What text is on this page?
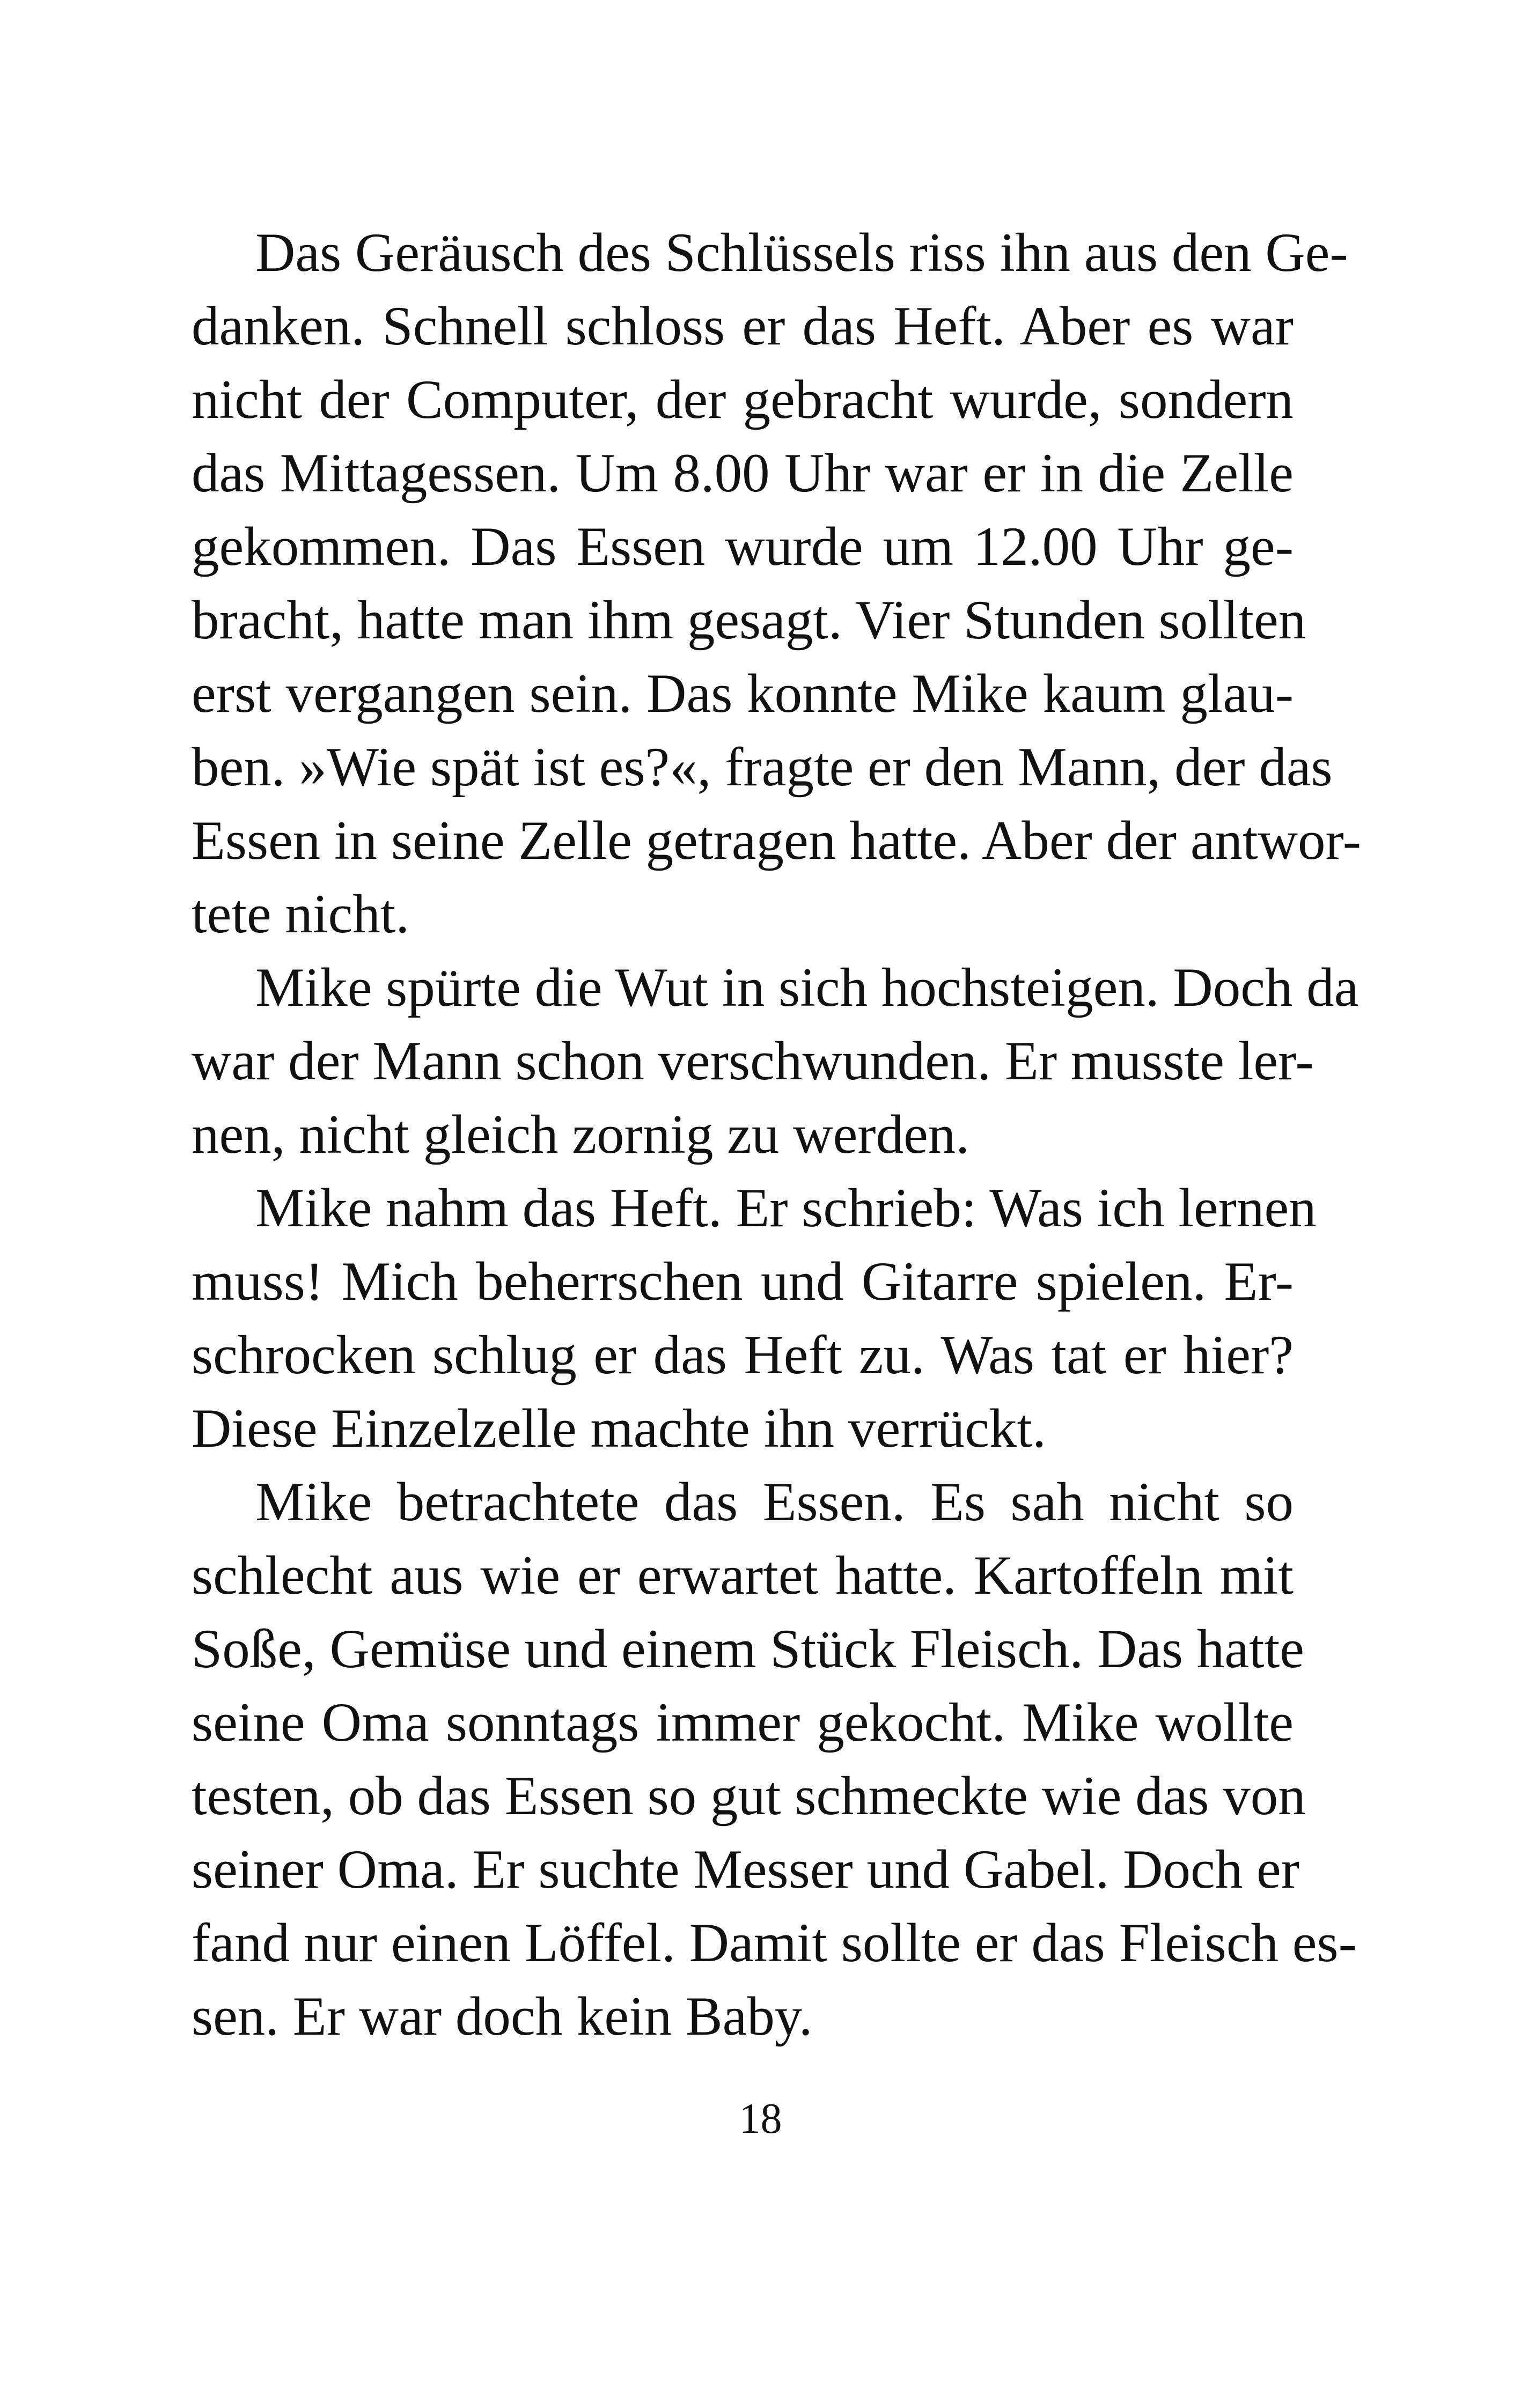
Das Geräusch des Schlüssels riss ihn aus den Ge-
danken. Schnell schloss er das Heft. Aber es war
nicht der Computer, der gebracht wurde, sondern
das Mittagessen. Um 8.00 Uhr war er in die Zelle
gekommen. Das Essen wurde um 12.00 Uhr ge-
bracht, hatte man ihm gesagt. Vier Stunden sollten
erst vergangen sein. Das konnte Mike kaum glau-
ben. »Wie spät ist es?«, fragte er den Mann, der das
Essen in seine Zelle getragen hatte. Aber der antwor-
tete nicht.
Mike spürte die Wut in sich hochsteigen. Doch da
war der Mann schon verschwunden. Er musste ler-
nen, nicht gleich zornig zu werden.
Mike nahm das Heft. Er schrieb: Was ich lernen
muss! Mich beherrschen und Gitarre spielen. Er-
schrocken schlug er das Heft zu. Was tat er hier?
Diese Einzelzelle machte ihn verrückt.
Mike betrachtete das Essen. Es sah nicht so
schlecht aus wie er erwartet hatte. Kartoffeln mit
Soße, Gemüse und einem Stück Fleisch. Das hatte
seine Oma sonntags immer gekocht. Mike wollte
testen, ob das Essen so gut schmeckte wie das von
seiner Oma. Er suchte Messer und Gabel. Doch er
fand nur einen Löffel. Damit sollte er das Fleisch es-
sen. Er war doch kein Baby.
18
